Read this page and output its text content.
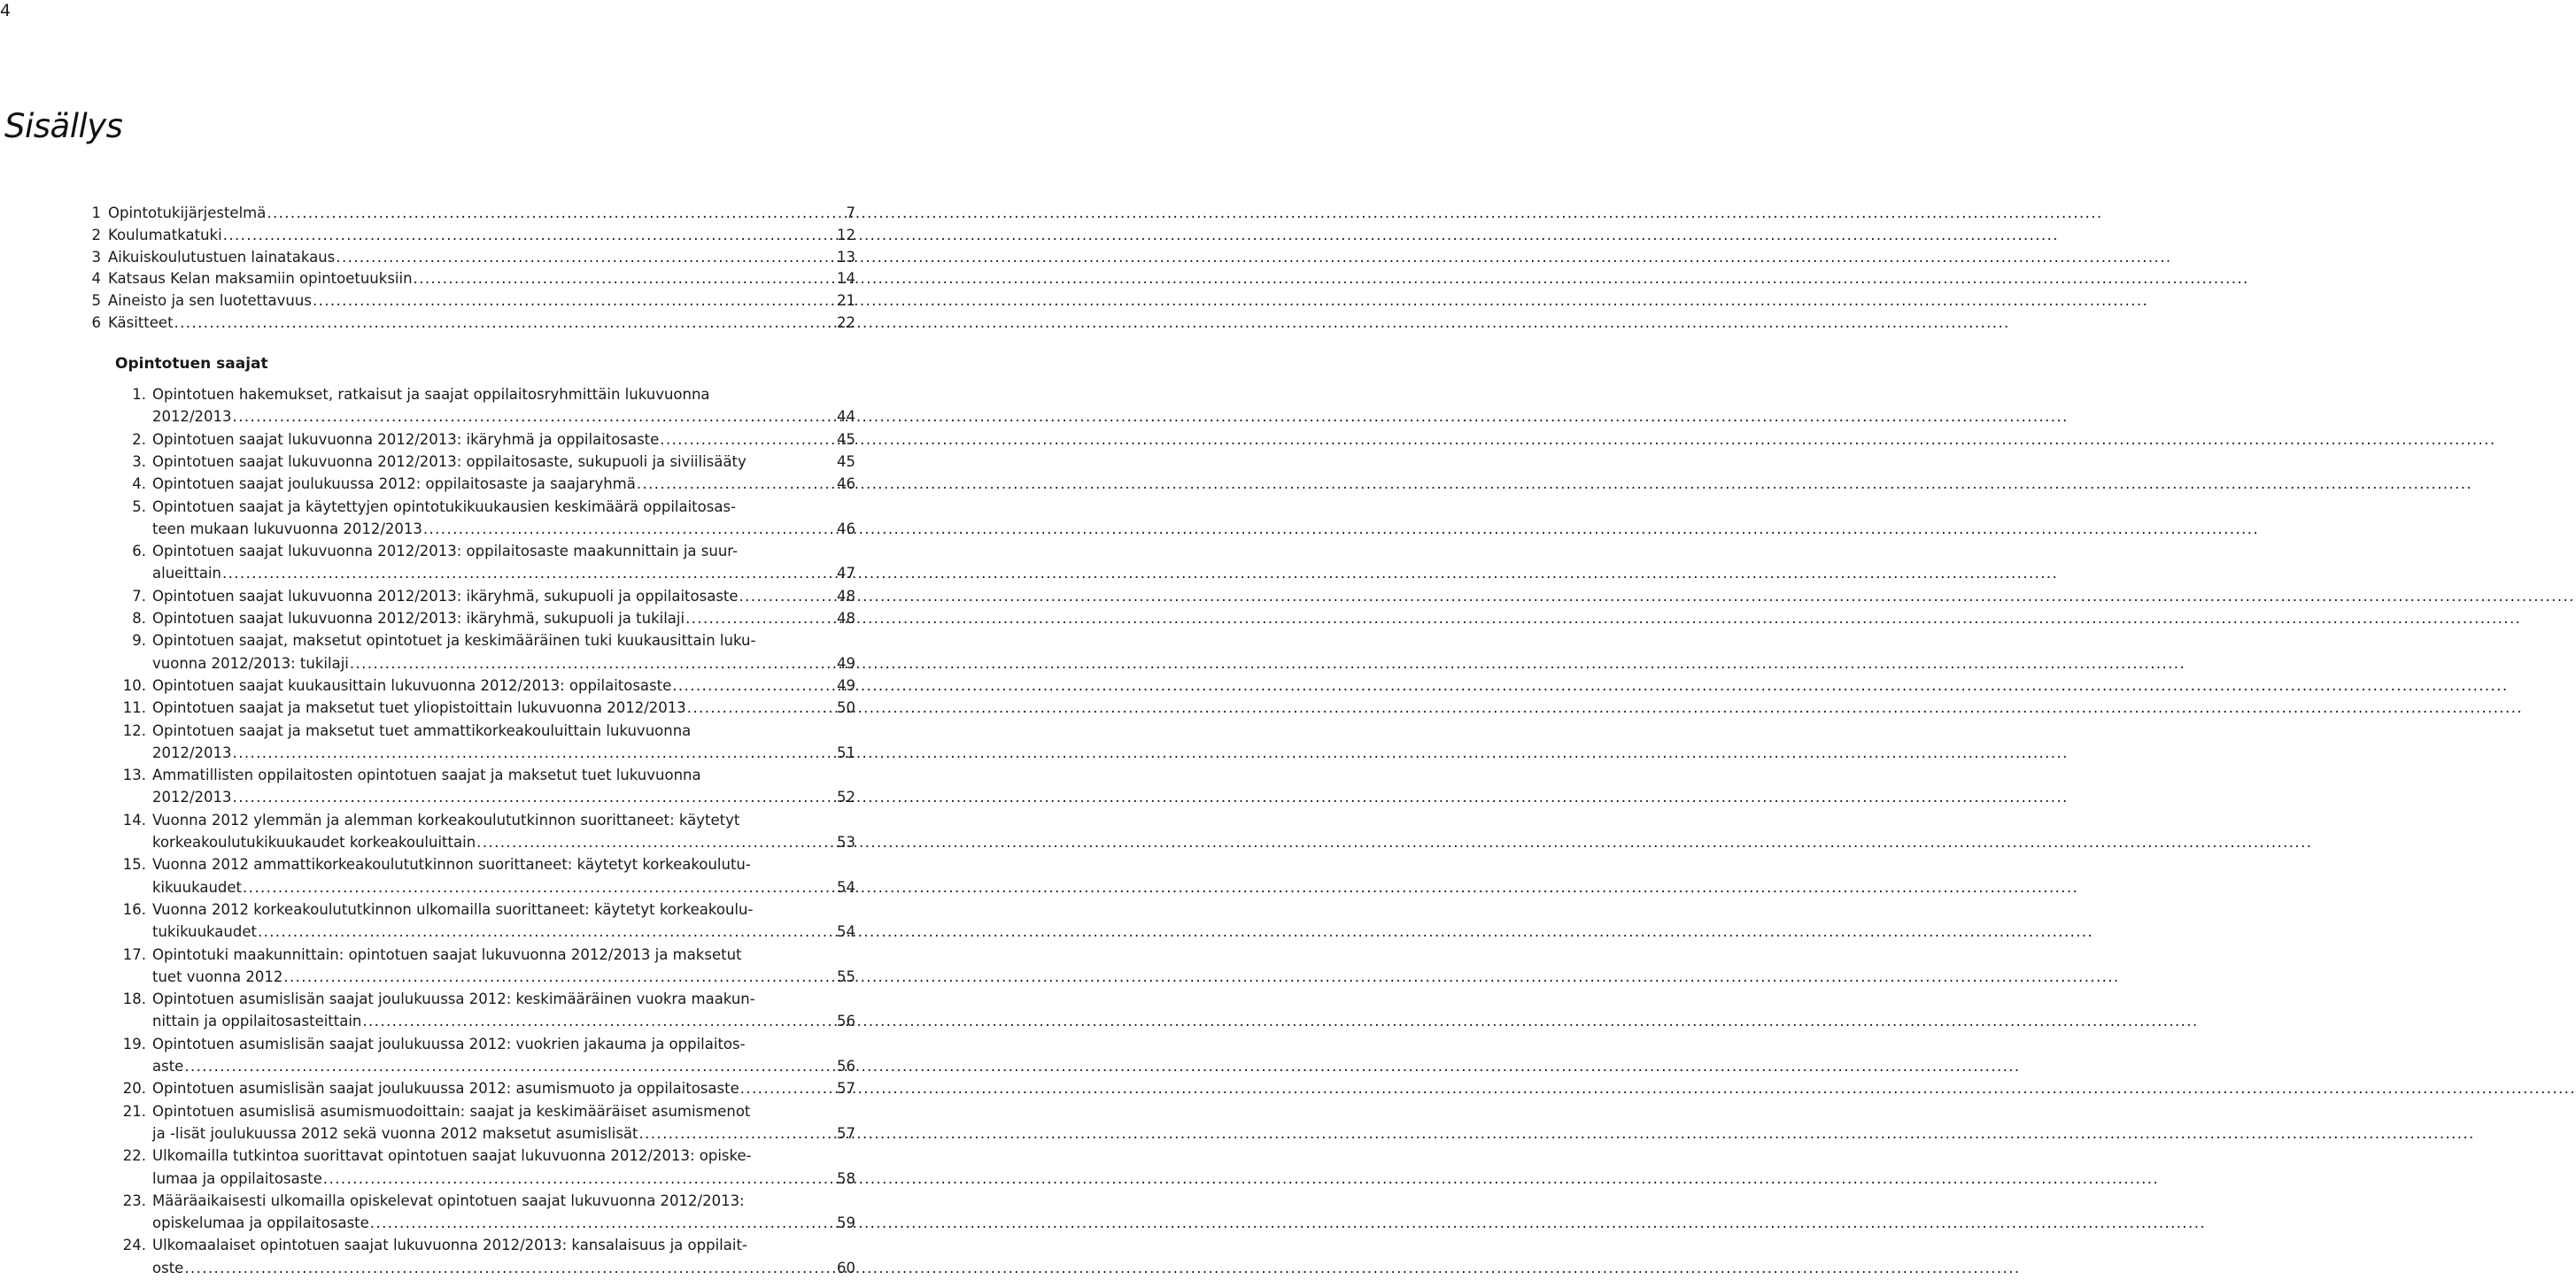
4
Sisällys
1 Opintotukijärjestelmä .....	7
2 Koulumatkatuki .....	12
3 Aikuiskoulutustuen lainatakaus .....	13
4 Katsaus Kelan maksamiin opintoetuuksiin .....	14
5 Aineisto ja sen luotettavuus .....	21
6 Käsitteet .....	22
1. Opintotuen hakemukset, ratkaisut ja saajat oppilaitosryhmittäin lukuvuonna
2012/2013 .....	44
2. Opintotuen saajat lukuvuonna 2012/2013: ikäryhmä ja oppilaitosaste .....	45
3. Opintotuen saajat lukuvuonna 2012/2013: oppilaitosaste, sukupuoli ja siviilisääty	45
4. Opintotuen saajat joulukuussa 2012: oppilaitosaste ja saajaryhmä .....	46
5. Opintotuen saajat ja käytettyjen opintotukikuukausien keskimäärä oppilaitosas-
teen mukaan lukuvuonna 2012/2013 .....	46
6. Opintotuen saajat lukuvuonna 2012/2013: oppilaitosaste maakunnittain ja suur-
alueittain .....	47
7. Opintotuen saajat lukuvuonna 2012/2013: ikäryhmä, sukupuoli ja oppilaitosaste .....	48
8. Opintotuen saajat lukuvuonna 2012/2013: ikäryhmä, sukupuoli ja tukilaji .....	48
9. Opintotuen saajat, maksetut opintotuet ja keskimääräinen tuki kuukausittain luku-
vuonna 2012/2013: tukilaji .....	49
10. Opintotuen saajat kuukausittain lukuvuonna 2012/2013: oppilaitosaste .....	49
11. Opintotuen saajat ja maksetut tuet yliopistoittain lukuvuonna 2012/2013 .....	50
12. Opintotuen saajat ja maksetut tuet ammattikorkeakouluittain lukuvuonna
2012/2013 .....	51
13. Ammatillisten oppilaitosten opintotuen saajat ja maksetut tuet lukuvuonna
2012/2013 .....	52
14. Vuonna 2012 ylemmän ja alemman korkeakoulututkinnon suorittaneet: käytetyt
korkeakoulutukikuukaudet korkeakouluittain .....	53
15. Vuonna 2012 ammattikorkeakoulututkinnon suorittaneet: käytetyt korkeakoulutu-
kikuukaudet .....	54
16. Vuonna 2012 korkeakoulututkinnon ulkomailla suorittaneet: käytetyt korkeakoulu-
tukikuukaudet .....	54
17. Opintotuki maakunnittain: opintotuen saajat lukuvuonna 2012/2013 ja maksetut
tuet vuonna 2012 .....	55
18. Opintotuen asumislisän saajat joulukuussa 2012: keskimääräinen vuokra maakun-
nittain ja oppilaitosasteittain .....	56
19. Opintotuen asumislisän saajat joulukuussa 2012: vuokrien jakauma ja oppilaitos-
aste .....	56
20. Opintotuen asumislisän saajat joulukuussa 2012: asumismuoto ja oppilaitosaste .....	57
21. Opintotuen asumislisä asumismuodoittain: saajat ja keskimääräiset asumismenot
ja -lisät joulukuussa 2012 sekä vuonna 2012 maksetut asumislisät .....	57
22. Ulkomailla tutkintoa suorittavat opintotuen saajat lukuvuonna 2012/2013: opiske-
lumaa ja oppilaitosaste .....	58
23. Määräaikaisesti ulkomailla opiskelevat opintotuen saajat lukuvuonna 2012/2013:
opiskelumaa ja oppilaitosaste .....	59
24. Ulkomaalaiset opintotuen saajat lukuvuonna 2012/2013: kansalaisuus ja oppilait-
oste .....	60
Opintotuen saajat
